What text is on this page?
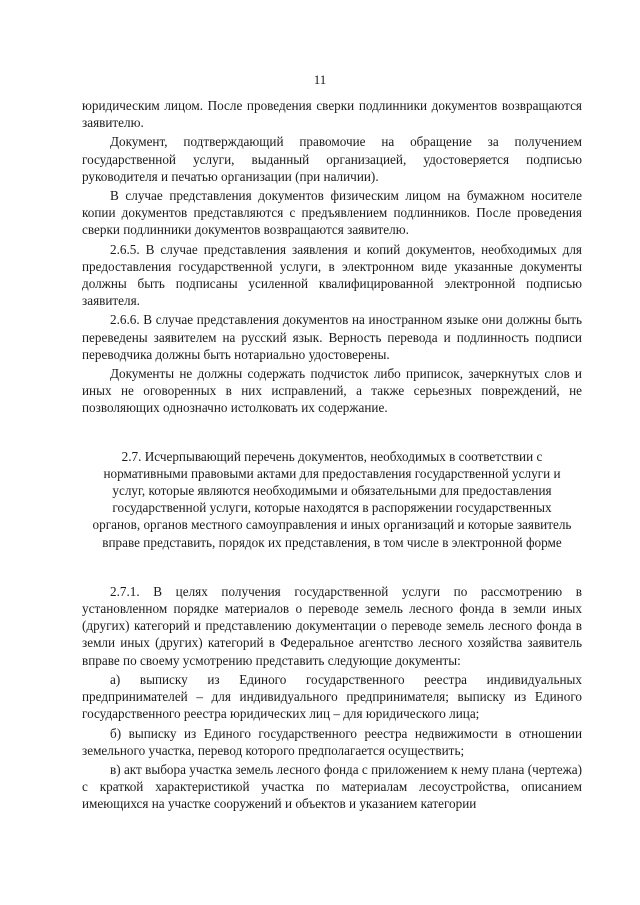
11

юридическим лицом. После проведения сверки подлинники документов возвращаются заявителю.

Документ, подтверждающий правомочие на обращение за получением государственной услуги, выданный организацией, удостоверяется подписью руководителя и печатью организации (при наличии).

В случае представления документов физическим лицом на бумажном носителе копии документов представляются с предъявлением подлинников. После проведения сверки подлинники документов возвращаются заявителю.

2.6.5. В случае представления заявления и копий документов, необходимых для предоставления государственной услуги, в электронном виде указанные документы должны быть подписаны усиленной квалифицированной электронной подписью заявителя.

2.6.6. В случае представления документов на иностранном языке они должны быть переведены заявителем на русский язык. Верность перевода и подлинность подписи переводчика должны быть нотариально удостоверены.

Документы не должны содержать подчисток либо приписок, зачеркнутых слов и иных не оговоренных в них исправлений, а также серьезных повреждений, не позволяющих однозначно истолковать их содержание.

2.7. Исчерпывающий перечень документов, необходимых в соответствии с нормативными правовыми актами для предоставления государственной услуги и услуг, которые являются необходимыми и обязательными для предоставления государственной услуги, которые находятся в распоряжении государственных органов, органов местного самоуправления и иных организаций и которые заявитель вправе представить, порядок их представления, в том числе в электронной форме

2.7.1. В целях получения государственной услуги по рассмотрению в установленном порядке материалов о переводе земель лесного фонда в земли иных (других) категорий и представлению документации о переводе земель лесного фонда в земли иных (других) категорий в Федеральное агентство лесного хозяйства заявитель вправе по своему усмотрению представить следующие документы:

а) выписку из Единого государственного реестра индивидуальных предпринимателей – для индивидуального предпринимателя; выписку из Единого государственного реестра юридических лиц – для юридического лица;

б) выписку из Единого государственного реестра недвижимости в отношении земельного участка, перевод которого предполагается осуществить;

в) акт выбора участка земель лесного фонда с приложением к нему плана (чертежа) с краткой характеристикой участка по материалам лесоустройства, описанием имеющихся на участке сооружений и объектов и указанием категории
